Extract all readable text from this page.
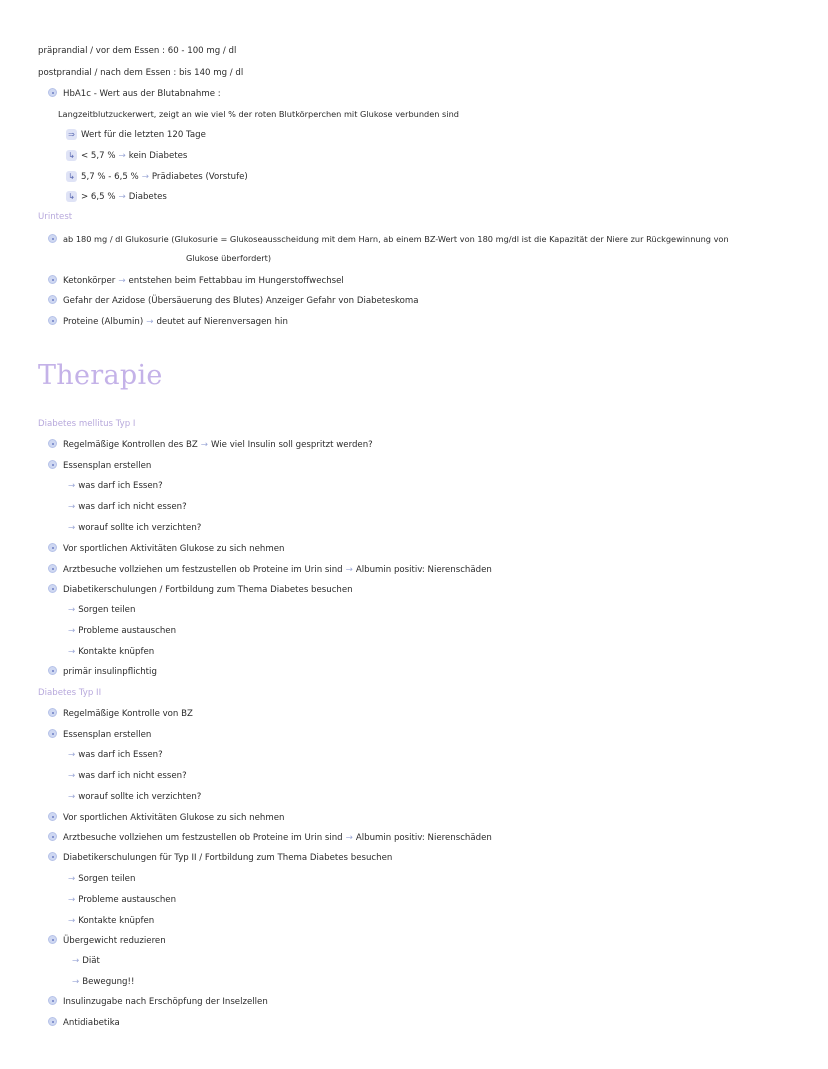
präprandial / vor dem Essen : 60 - 100 mg / dl
postprandial / nach dem Essen : bis 140 mg / dl
HbA1c - Wert aus der Blutabnahme :
Langzeitblutzuckerwert, zeigt an wie viel % der roten Blutkörperchen mit Glukose verbunden sind
⇒ Wert für die letzten 120 Tage
↳ < 5,7 % → kein Diabetes
↳ 5,7 % - 6,5 % → Prädiabetes (Vorstufe)
↳ > 6,5 % → Diabetes
Urintest
ab 180 mg / dl Glukosurie (Glukosurie = Glukoseausscheidung mit dem Harn, ab einem BZ-Wert von 180 mg/dl ist die Kapazität der Niere zur Rückgewinnung von
Glukose überfordert)
Ketonkörper → entstehen beim Fettabbau im Hungerstoffwechsel
Gefahr der Azidose (Übersäuerung des Blutes) Anzeiger Gefahr von Diabeteskoma
Proteine (Albumin) → deutet auf Nierenversagen hin
Therapie
Diabetes mellitus Typ I
Regelmäßige Kontrollen des BZ → Wie viel Insulin soll gespritzt werden?
Essensplan erstellen
→ was darf ich Essen?
→ was darf ich nicht essen?
→ worauf sollte ich verzichten?
Vor sportlichen Aktivitäten Glukose zu sich nehmen
Arztbesuche vollziehen um festzustellen ob Proteine im Urin sind → Albumin positiv: Nierenschäden
Diabetikerschulungen / Fortbildung zum Thema Diabetes besuchen
→ Sorgen teilen
→ Probleme austauschen
→ Kontakte knüpfen
primär insulinpflichtig
Diabetes Typ II
Regelmäßige Kontrolle von BZ
Essensplan erstellen
→ was darf ich Essen?
→ was darf ich nicht essen?
→ worauf sollte ich verzichten?
Vor sportlichen Aktivitäten Glukose zu sich nehmen
Arztbesuche vollziehen um festzustellen ob Proteine im Urin sind → Albumin positiv: Nierenschäden
Diabetikerschulungen für Typ II / Fortbildung zum Thema Diabetes besuchen
→ Sorgen teilen
→ Probleme austauschen
→ Kontakte knüpfen
Übergewicht reduzieren
→ Diät
→ Bewegung!!
Insulinzugabe nach Erschöpfung der Inselzellen
Antidiabetika
